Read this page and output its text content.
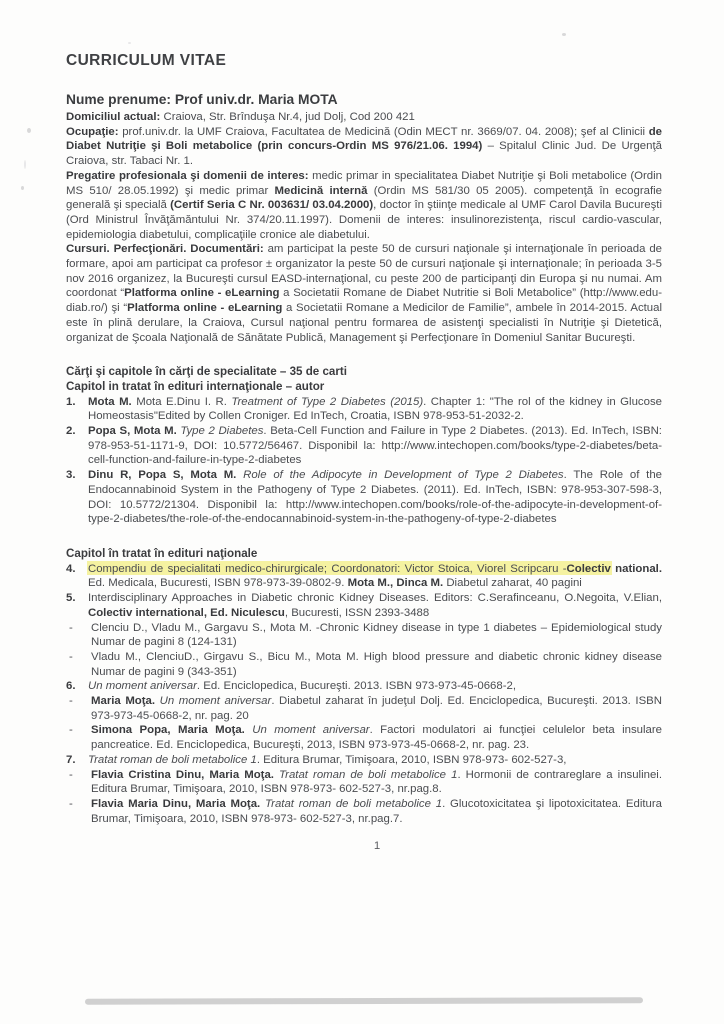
CURRICULUM VITAE
Nume prenume: Prof univ.dr. Maria MOTA

Domiciliul actual: Craiova, Str. Brînduşa Nr.4, jud Dolj, Cod 200 421

Ocupaţie: prof.univ.dr. la UMF Craiova, Facultatea de Medicină (Odin MECT nr. 3669/07. 04. 2008); şef al Clinicii de Diabet Nutriţie şi Boli metabolice (prin concurs-Ordin MS 976/21.06. 1994) – Spitalul Clinic Jud. De Urgenţă Craiova, str. Tabaci Nr. 1.

Pregatire profesionala şi domenii de interes: medic primar in specialitatea Diabet Nutriţie şi Boli metabolice (Ordin MS 510/ 28.05.1992) şi medic primar Medicină internă (Ordin MS 581/30 05 2005). competenţă în ecografie generală şi specială (Certif Seria C Nr. 003631/ 03.04.2000), doctor în ştiinţe medicale al UMF Carol Davila Bucureşti (Ord Ministrul Învăţămăntului Nr. 374/20.11.1997). Domenii de interes: insulinorezistenţa, riscul cardio-vascular, epidemiologia diabetului, complicaţiile cronice ale diabetului.

Cursuri. Perfecţionări. Documentări: am participat la peste 50 de cursuri naţionale şi internaţionale în perioada de formare, apoi am participat ca profesor ± organizator la peste 50 de cursuri naţionale şi internaţionale; în perioada 3-5 nov 2016 organizez, la Bucureşti cursul EASD-internaţional, cu peste 200 de participanţi din Europa şi nu numai. Am coordonat “Platforma online - eLearning a Societatii Romane de Diabet Nutritie si Boli Metabolice” (http://www.edu-diab.ro/) şi “Platforma online - eLearning a Societatii Romane a Medicilor de Familie”, ambele în 2014-2015. Actual este în plină derulare, la Craiova, Cursul naţional pentru formarea de asistenţi specialisti în Nutriţie şi Dietetică, organizat de Şcoala Naţională de Sănătate Publică, Management şi Perfecţionare în Domeniul Sanitar Bucureşti.

Cărţi şi capitole în cărţi de specialitate – 35 de carti
Capitol in tratat în edituri internaţionale – autor
1.	Mota M. Mota E.Dinu I. R. Treatment of Type 2 Diabetes (2015). Chapter 1: "The rol of the kidney in Glucose Homeostasis"Edited by Collen Croniger. Ed InTech, Croatia, ISBN 978-953-51-2032-2.
2.	Popa S, Mota M. Type 2 Diabetes. Beta-Cell Function and Failure in Type 2 Diabetes. (2013). Ed. InTech, ISBN: 978-953-51-1171-9, DOI: 10.5772/56467. Disponibil la: http://www.intechopen.com/books/type-2-diabetes/beta-cell-function-and-failure-in-type-2-diabetes
3.	Dinu R, Popa S, Mota M. Role of the Adipocyte in Development of Type 2 Diabetes. The Role of the Endocannabinoid System in the Pathogeny of Type 2 Diabetes. (2011). Ed. InTech, ISBN: 978-953-307-598-3, DOI: 10.5772/21304. Disponibil la: http://www.intechopen.com/books/role-of-the-adipocyte-in-development-of-type-2-diabetes/the-role-of-the-endocannabinoid-system-in-the-pathogeny-of-type-2-diabetes
Capitol în tratat în edituri naţionale
4.	Compendiu de specialitati medico-chirurgicale; Coordonatori: Victor Stoica, Viorel Scripcaru -Colectiv national. Ed. Medicala, Bucuresti, ISBN 978-973-39-0802-9. Mota M., Dinca M. Diabetul zaharat, 40 pagini
5.	Interdisciplinary Approaches in Diabetic chronic Kidney Diseases. Editors: C.Serafinceanu, O.Negoita, V.Elian, Colectiv international, Ed. Niculescu, Bucuresti, ISSN 2393-3488
-	Clenciu D., Vladu M., Gargavu S., Mota M. -Chronic Kidney disease in type 1 diabetes – Epidemiological study Numar de pagini 8 (124-131)
-	Vladu M., ClenciuD., Girgavu S., Bicu M., Mota M. High blood pressure and diabetic chronic kidney disease Numar de pagini 9 (343-351)
6.	Un moment aniversar. Ed. Enciclopedica, Bucureşti. 2013. ISBN 973-973-45-0668-2,
-	Maria Moţa. Un moment aniversar. Diabetul zaharat în judeţul Dolj. Ed. Enciclopedica, Bucureşti. 2013. ISBN 973-973-45-0668-2, nr. pag. 20
-	Simona Popa, Maria Moţa. Un moment aniversar. Factori modulatori ai funcţiei celulelor beta insulare pancreatice. Ed. Enciclopedica, Bucureşti, 2013, ISBN 973-973-45-0668-2, nr. pag. 23.
7.	Tratat roman de boli metabolice 1. Editura Brumar, Timişoara, 2010, ISBN 978-973- 602-527-3,
-	Flavia Cristina Dinu, Maria Moţa. Tratat roman de boli metabolice 1. Hormonii de contrareglare a insulinei. Editura Brumar, Timişoara, 2010, ISBN 978-973- 602-527-3, nr.pag.8.
-	Flavia Maria Dinu, Maria Moţa. Tratat roman de boli metabolice 1. Glucotoxicitatea şi lipotoxicitatea. Editura Brumar, Timişoara, 2010, ISBN 978-973- 602-527-3, nr.pag.7.
1
